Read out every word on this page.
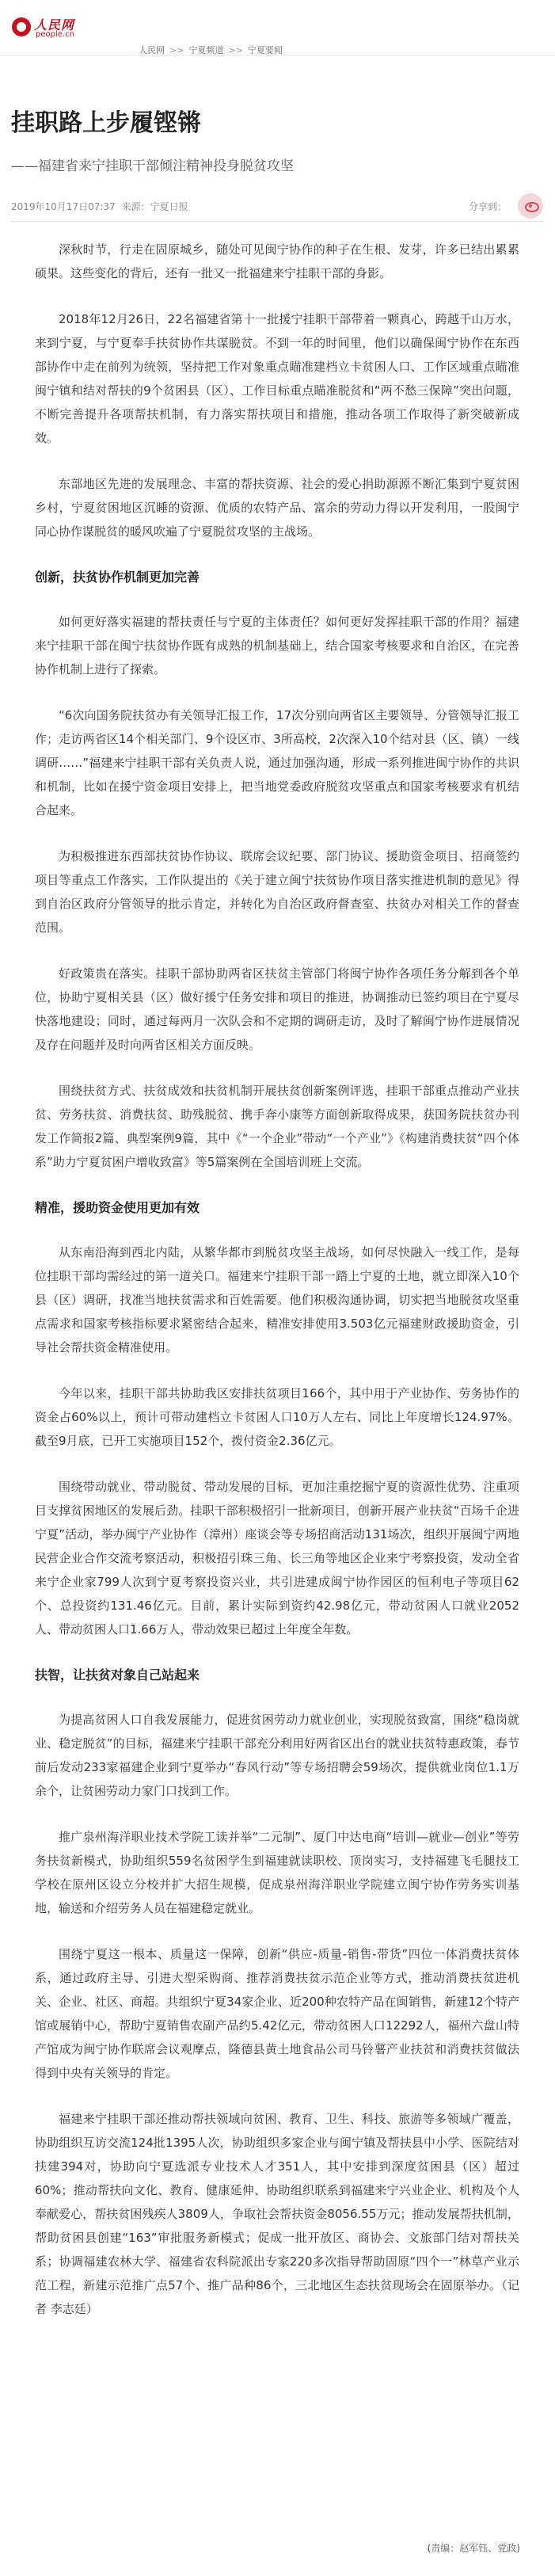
人民网
people.cn
人民网 >> 宁夏频道 >> 宁夏要闻
挂职路上步履铿锵
——福建省来宁挂职干部倾注精神投身脱贫攻坚
2019年10月17日07:37 来源：宁夏日报	分享到：

深秋时节，行走在固原城乡，随处可见闽宁协作的种子在生根、发芽，许多已结出累累硕果。这些变化的背后，还有一批又一批福建来宁挂职干部的身影。

2018年12月26日，22名福建省第十一批援宁挂职干部带着一颗真心，跨越千山万水，来到宁夏，与宁夏奉手扶贫协作共谋脱贫。不到一年的时间里，他们以确保闽宁协作在东西部协作中走在前列为统领，坚持把工作对象重点瞄准建档立卡贫困人口、工作区域重点瞄准闽宁镇和结对帮扶的9个贫困县（区）、工作目标重点瞄准脱贫和“两不愁三保障”突出问题，不断完善提升各项帮扶机制，有力落实帮扶项目和措施，推动各项工作取得了新突破新成效。

东部地区先进的发展理念、丰富的帮扶资源、社会的爱心捐助源源不断汇集到宁夏贫困乡村，宁夏贫困地区沉睡的资源、优质的农特产品、富余的劳动力得以开发利用，一股闽宁同心协作谋脱贫的暖风吹遍了宁夏脱贫攻坚的主战场。

创新，扶贫协作机制更加完善

如何更好落实福建的帮扶责任与宁夏的主体责任？如何更好发挥挂职干部的作用？福建来宁挂职干部在闽宁扶贫协作既有成熟的机制基础上，结合国家考核要求和自治区，在完善协作机制上进行了探索。

“6次向国务院扶贫办有关领导汇报工作，17次分别向两省区主要领导、分管领导汇报工作；走访两省区14个相关部门、9个设区市、3所高校，2次深入10个结对县（区、镇）一线调研……”福建来宁挂职干部有关负责人说，通过加强沟通，形成一系列推进闽宁协作的共识和机制，比如在援宁资金项目安排上，把当地党委政府脱贫攻坚重点和国家考核要求有机结合起来。

为积极推进东西部扶贫协作协议、联席会议纪要、部门协议、援助资金项目、招商签约项目等重点工作落实，工作队提出的《关于建立闽宁扶贫协作项目落实推进机制的意见》得到自治区政府分管领导的批示肯定，并转化为自治区政府督查室、扶贫办对相关工作的督查范围。

好政策贵在落实。挂职干部协助两省区扶贫主管部门将闽宁协作各项任务分解到各个单位，协助宁夏相关县（区）做好援宁任务安排和项目的推进，协调推动已签约项目在宁夏尽快落地建设；同时，通过每两月一次队会和不定期的调研走访，及时了解闽宁协作进展情况及存在问题并及时向两省区相关方面反映。

围绕扶贫方式、扶贫成效和扶贫机制开展扶贫创新案例评选，挂职干部重点推动产业扶贫、劳务扶贫、消费扶贫、助残脱贫、携手奔小康等方面创新取得成果，获国务院扶贫办刊发工作简报2篇、典型案例9篇，其中《“一个企业”带动“一个产业”》《构建消费扶贫“四个体系”助力宁夏贫困户增收致富》等5篇案例在全国培训班上交流。

精准，援助资金使用更加有效

从东南沿海到西北内陆，从繁华都市到脱贫攻坚主战场，如何尽快融入一线工作，是每位挂职干部均需经过的第一道关口。福建来宁挂职干部一踏上宁夏的土地，就立即深入10个县（区）调研，找准当地扶贫需求和百姓需要。他们积极沟通协调，切实把当地脱贫攻坚重点需求和国家考核指标要求紧密结合起来，精准安排使用3.503亿元福建财政援助资金，引导社会帮扶资金精准使用。

今年以来，挂职干部共协助我区安排扶贫项目166个，其中用于产业协作、劳务协作的资金占60%以上，预计可带动建档立卡贫困人口10万人左右、同比上年度增长124.97%。截至9月底，已开工实施项目152个，拨付资金2.36亿元。

围绕带动就业、带动脱贫、带动发展的目标，更加注重挖掘宁夏的资源性优势、注重项目支撑贫困地区的发展后劲。挂职干部积极招引一批新项目，创新开展产业扶贫“百场千企进宁夏”活动，举办闽宁产业协作（漳州）座谈会等专场招商活动131场次，组织开展闽宁两地民营企业合作交流考察活动，积极招引珠三角、长三角等地区企业来宁考察投资，发动全省来宁企业家799人次到宁夏考察投资兴业，共引进建成闽宁协作园区的恒利电子等项目62个、总投资约131.46亿元。目前，累计实际到资约42.98亿元，带动贫困人口就业2052人、带动贫困人口1.66万人，带动效果已超过上年度全年数。

扶智，让扶贫对象自己站起来

为提高贫困人口自我发展能力，促进贫困劳动力就业创业，实现脱贫致富，围绕“稳岗就业、稳定脱贫”的目标，福建来宁挂职干部充分利用好两省区出台的就业扶贫特惠政策，春节前后发动233家福建企业到宁夏举办“春风行动”等专场招聘会59场次，提供就业岗位1.1万余个，让贫困劳动力家门口找到工作。

推广泉州海洋职业技术学院工读并举“二元制”、厦门中达电商“培训—就业—创业”等劳务扶贫新模式，协助组织559名贫困学生到福建就读职校、顶岗实习，支持福建飞毛腿技工学校在原州区设立分校并扩大招生规模，促成泉州海洋职业学院建立闽宁协作劳务实训基地，输送和介绍劳务人员在福建稳定就业。

围绕宁夏这一根本、质量这一保障，创新“供应-质量-销售-带货”四位一体消费扶贫体系，通过政府主导、引进大型采购商、推荐消费扶贫示范企业等方式，推动消费扶贫进机关、企业、社区、商超。共组织宁夏34家企业、近200种农特产品在闽销售，新建12个特产馆或展销中心，帮助宁夏销售农副产品约5.42亿元，带动贫困人口12292人，福州六盘山特产馆成为闽宁协作联席会议观摩点，隆德县黄土地食品公司马铃薯产业扶贫和消费扶贫做法得到中央有关领导的肯定。

福建来宁挂职干部还推动帮扶领域向贫困、教育、卫生、科技、旅游等多领域广覆盖，协助组织互访交流124批1395人次，协助组织多家企业与闽宁镇及帮扶县中小学、医院结对扶建394对，协助向宁夏选派专业技术人才351人，其中安排到深度贫困县（区）超过60%；推动帮扶向文化、教育、健康延伸、协助组织联系到福建来宁兴业企业、机构及个人奉献爱心，帮扶贫困残疾人3809人，争取社会帮扶资金8056.55万元；推动发展帮扶机制，帮助贫困县创建“163”审批服务新模式；促成一批开放区、商协会、文旅部门结对帮扶关系；协调福建农林大学、福建省农科院派出专家220多次指导帮助固原“四个一”林草产业示范工程，新建示范推广点57个、推广品种86个，三北地区生态扶贫现场会在固原举办。（记者 李志廷）

(责编：赵军钰、党政)
